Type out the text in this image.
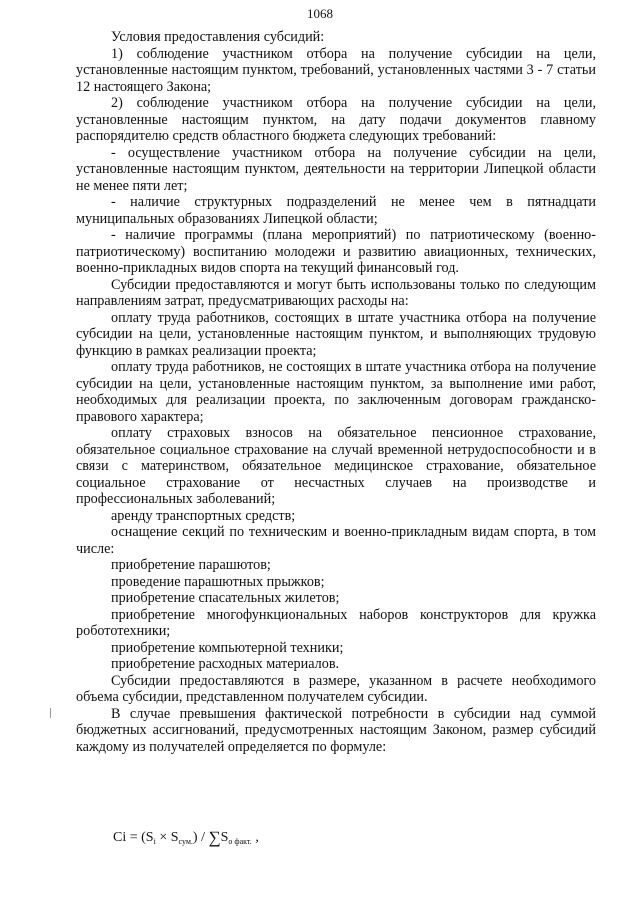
1068

Условия предоставления субсидий:

1) соблюдение участником отбора на получение субсидии на цели, установленные настоящим пунктом, требований, установленных частями 3 - 7 статьи 12 настоящего Закона;

2) соблюдение участником отбора на получение субсидии на цели, установленные настоящим пунктом, на дату подачи документов главному распорядителю средств областного бюджета следующих требований:

- осуществление участником отбора на получение субсидии на цели, установленные настоящим пунктом, деятельности на территории Липецкой области не менее пяти лет;

- наличие структурных подразделений не менее чем в пятнадцати муниципальных образованиях Липецкой области;

- наличие программы (плана мероприятий) по патриотическому (военно-патриотическому) воспитанию молодежи и развитию авиационных, технических, военно-прикладных видов спорта на текущий финансовый год.

Субсидии предоставляются и могут быть использованы только по следующим направлениям затрат, предусматривающих расходы на:

оплату труда работников, состоящих в штате участника отбора на получение субсидии на цели, установленные настоящим пунктом, и выполняющих трудовую функцию в рамках реализации проекта;

оплату труда работников, не состоящих в штате участника отбора на получение субсидии на цели, установленные настоящим пунктом, за выполнение ими работ, необходимых для реализации проекта, по заключенным договорам гражданско-правового характера;

оплату страховых взносов на обязательное пенсионное страхование, обязательное социальное страхование на случай временной нетрудоспособности и в связи с материнством, обязательное медицинское страхование, обязательное социальное страхование от несчастных случаев на производстве и профессиональных заболеваний;

аренду транспортных средств;

оснащение секций по техническим и военно-прикладным видам спорта, в том числе:

приобретение парашютов;

проведение парашютных прыжков;

приобретение спасательных жилетов;

приобретение многофункциональных наборов конструкторов для кружка робототехники;

приобретение компьютерной техники;

приобретение расходных материалов.

Субсидии предоставляются в размере, указанном в расчете необходимого объема субсидии, представленном получателем субсидии.

В случае превышения фактической потребности в субсидии над суммой бюджетных ассигнований, предусмотренных настоящим Законом, размер субсидий каждому из получателей определяется по формуле:

$Ci = (S_i \times S_{сум.}) / \sum S_{о факт.}$ ,
